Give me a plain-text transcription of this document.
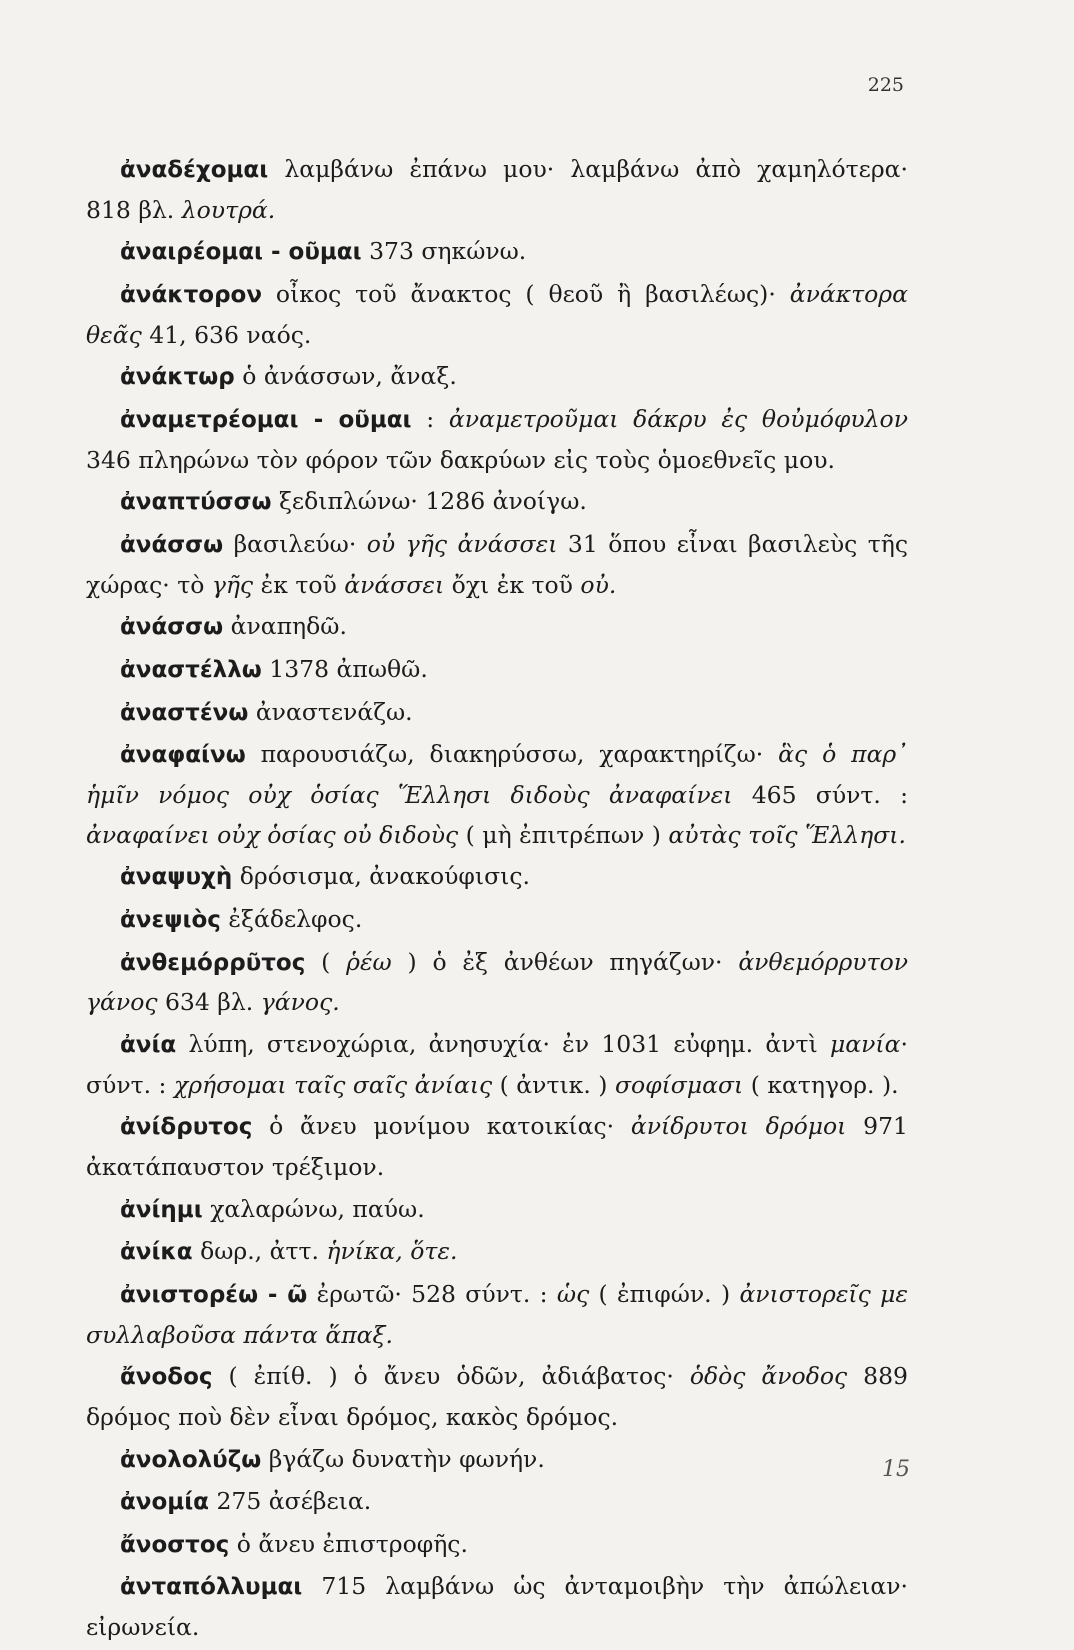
225

ἀναδέχομαι λαμβάνω ἐπάνω μου· λαμβάνω ἀπὸ χαμηλότερα· 818 βλ. λουτρά.

ἀναιρέομαι - οῦμαι 373 σηκώνω.

ἀνάκτορον οἶκος τοῦ ἄνακτος ( θεοῦ ἢ βασιλέως)· ἀνάκτορα θεᾶς 41, 636 ναός.

ἀνάκτωρ ὁ ἀνάσσων, ἄναξ.

ἀναμετρέομαι - οῦμαι : ἀναμετροῦμαι δάκρυ ἐς θοὐμόφυλον 346 πληρώνω τὸν φόρον τῶν δακρύων εἰς τοὺς ὁμοεθνεῖς μου.

ἀναπτύσσω ξεδιπλώνω· 1286 ἀνοίγω.

ἀνάσσω βασιλεύω· οὐ γῆς ἀνάσσει 31 ὅπου εἶναι βασιλεὺς τῆς χώρας· τὸ γῆς ἐκ τοῦ ἀνάσσει ὄχι ἐκ τοῦ οὐ.

ἀνάσσω ἀναπηδῶ.

ἀναστέλλω 1378 ἀπωθῶ.

ἀναστένω ἀναστενάζω.

ἀναφαίνω παρουσιάζω, διακηρύσσω, χαρακτηρίζω· ἃς ὁ παρ᾽ ἡμῖν νόμος οὐχ ὁσίας Ἕλλησι διδοὺς ἀναφαίνει 465 σύντ. : ἀναφαίνει οὐχ ὁσίας οὐ διδοὺς ( μὴ ἐπιτρέπων ) αὐτὰς τοῖς Ἕλλησι.

ἀναψυχὴ δρόσισμα, ἀνακούφισις.

ἀνεψιὸς ἐξάδελφος.

ἀνθεμόρρῦτος ( ῥέω ) ὁ ἐξ ἀνθέων πηγάζων· ἀνθεμόρρυτον γάνος 634 βλ. γάνος.

ἀνία λύπη, στενοχώρια, ἀνησυχία· ἐν 1031 εὐφημ. ἀντὶ μανία· σύντ. : χρήσομαι ταῖς σαῖς ἀνίαις ( ἀντικ. ) σοφίσμασι ( κατηγορ. ).

ἀνίδρυτος ὁ ἄνευ μονίμου κατοικίας· ἀνίδρυτοι δρόμοι 971 ἀκατάπαυστον τρέξιμον.

ἀνίημι χαλαρώνω, παύω.

ἀνίκα δωρ., ἀττ. ἡνίκα, ὅτε.

ἀνιστορέω - ῶ ἐρωτῶ· 528 σύντ. : ὡς ( ἐπιφών. ) ἀνιστορεῖς με συλλαβοῦσα πάντα ἅπαξ.

ἄνοδος ( ἐπίθ. ) ὁ ἄνευ ὁδῶν, ἀδιάβατος· ὁδὸς ἄνοδος 889 δρόμος ποὺ δὲν εἶναι δρόμος, κακὸς δρόμος.

ἀνολολύζω βγάζω δυνατὴν φωνήν.

ἀνομία 275 ἀσέβεια.

ἄνοστος ὁ ἄνευ ἐπιστροφῆς.

ἀνταπόλλυμαι 715 λαμβάνω ὡς ἀνταμοιβὴν τὴν ἀπώλειαν· εἰρωνεία.

15
